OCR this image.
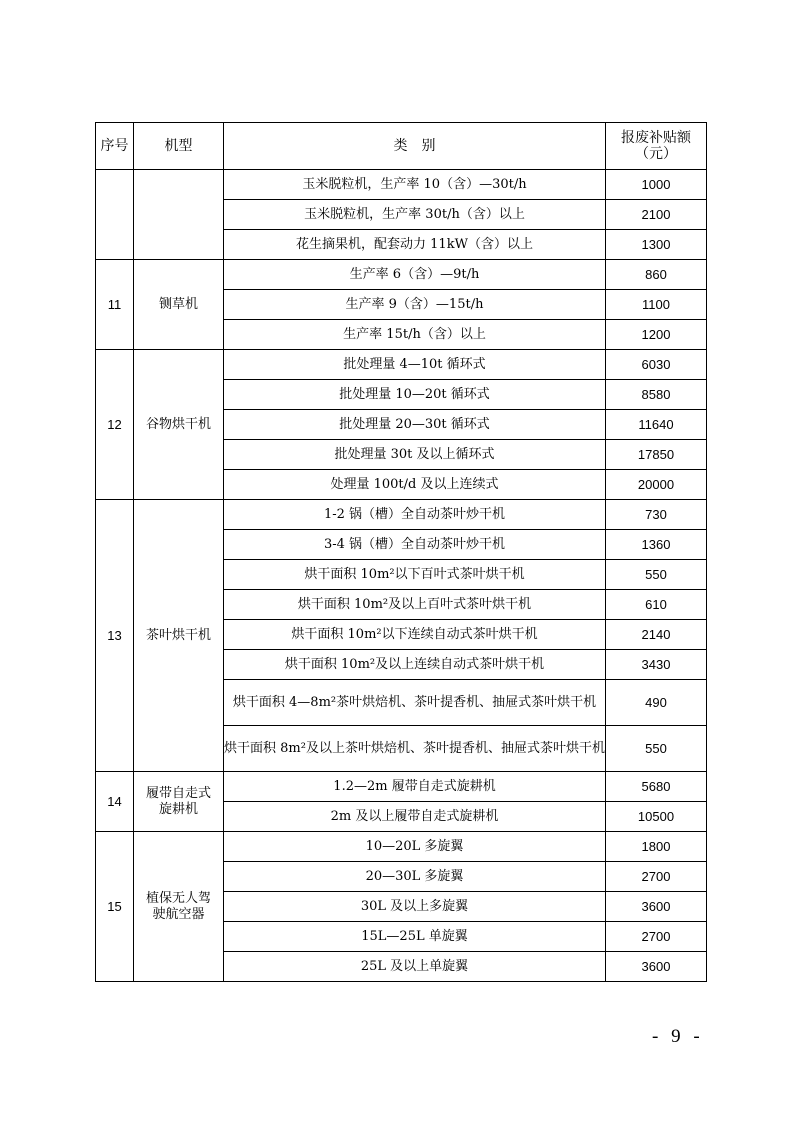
序号	机型	类　别	报废补贴额
（元）
		玉米脱粒机，生产率 10（含）—30t/h	1000
		玉米脱粒机，生产率 30t/h（含）以上	2100
		花生摘果机，配套动力 11kW（含）以上	1300
11	铡草机	生产率 6（含）—9t/h	860
		生产率 9（含）—15t/h	1100
		生产率 15t/h（含）以上	1200
12	谷物烘干机	批处理量 4—10t 循环式	6030
		批处理量 10—20t 循环式	8580
		批处理量 20—30t 循环式	11640
		批处理量 30t 及以上循环式	17850
		处理量 100t/d 及以上连续式	20000
13	茶叶烘干机	1-2 锅（槽）全自动茶叶炒干机	730
		3-4 锅（槽）全自动茶叶炒干机	1360
		烘干面积 10m²以下百叶式茶叶烘干机	550
		烘干面积 10m²及以上百叶式茶叶烘干机	610
		烘干面积 10m²以下连续自动式茶叶烘干机	2140
		烘干面积 10m²及以上连续自动式茶叶烘干机	3430
		烘干面积 4—8m²茶叶烘焙机、茶叶提香机、抽屉式茶叶烘干机	490
		烘干面积 8m²及以上茶叶烘焙机、茶叶提香机、抽屉式茶叶烘干机	550
14	履带自走式旋耕机	1.2—2m 履带自走式旋耕机	5680
		2m 及以上履带自走式旋耕机	10500
15	植保无人驾驶航空器	10—20L 多旋翼	1800
		20—30L 多旋翼	2700
		30L 及以上多旋翼	3600
		15L—25L 单旋翼	2700
		25L 及以上单旋翼	3600
- 9 -
